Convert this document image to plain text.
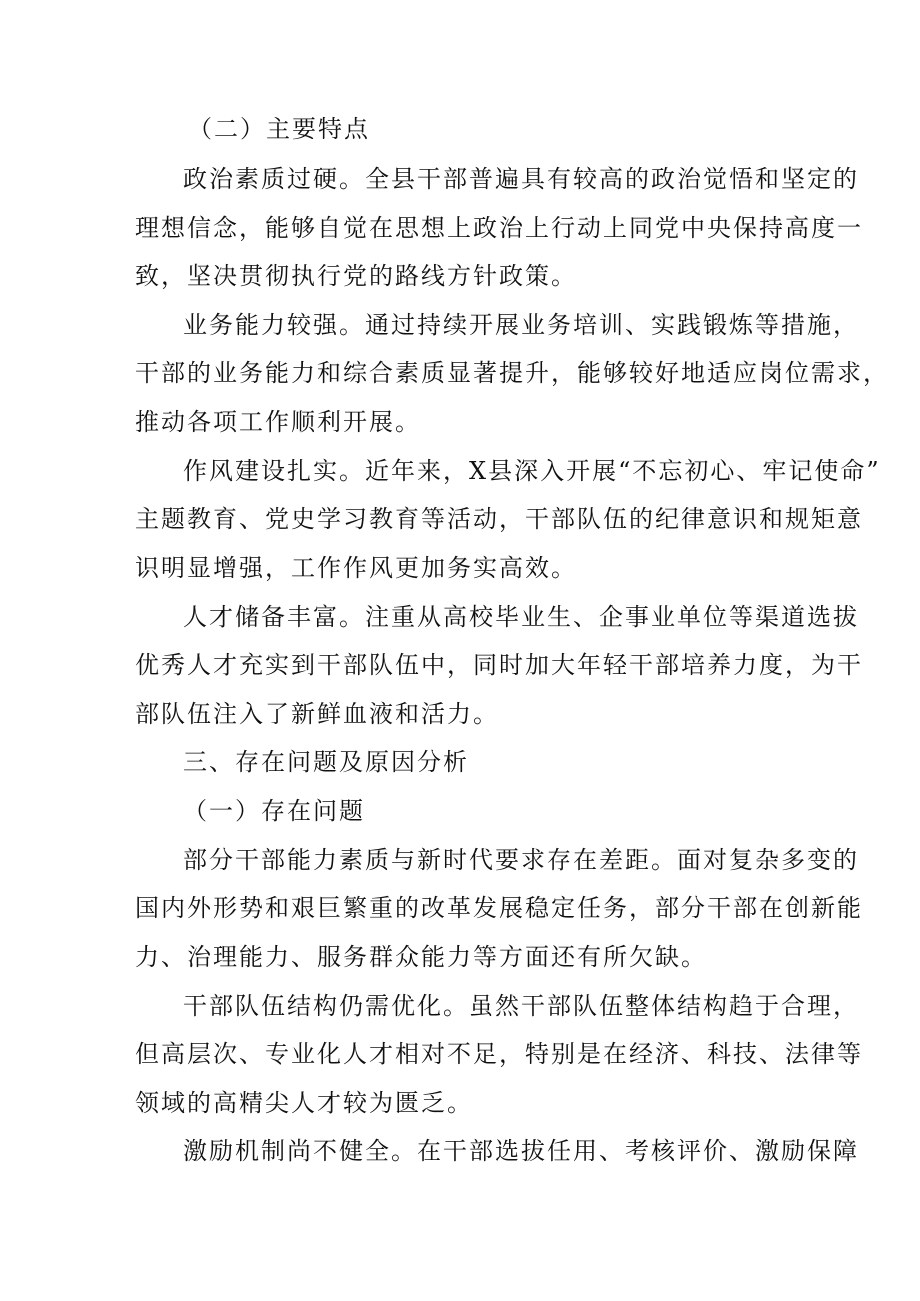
（二）主要特点
政治素质过硬。全县干部普遍具有较高的政治觉悟和坚定的
理想信念，能够自觉在思想上政治上行动上同党中央保持高度一
致，坚决贯彻执行党的路线方针政策。
业务能力较强。通过持续开展业务培训、实践锻炼等措施，
干部的业务能力和综合素质显著提升，能够较好地适应岗位需求，
推动各项工作顺利开展。
作风建设扎实。近年来，X县深入开展“不忘初心、牢记使命”
主题教育、党史学习教育等活动，干部队伍的纪律意识和规矩意
识明显增强，工作作风更加务实高效。
人才储备丰富。注重从高校毕业生、企事业单位等渠道选拔
优秀人才充实到干部队伍中，同时加大年轻干部培养力度，为干
部队伍注入了新鲜血液和活力。
三、存在问题及原因分析
（一）存在问题
部分干部能力素质与新时代要求存在差距。面对复杂多变的
国内外形势和艰巨繁重的改革发展稳定任务，部分干部在创新能
力、治理能力、服务群众能力等方面还有所欠缺。
干部队伍结构仍需优化。虽然干部队伍整体结构趋于合理，
但高层次、专业化人才相对不足，特别是在经济、科技、法律等
领域的高精尖人才较为匮乏。
激励机制尚不健全。在干部选拔任用、考核评价、激励保障
